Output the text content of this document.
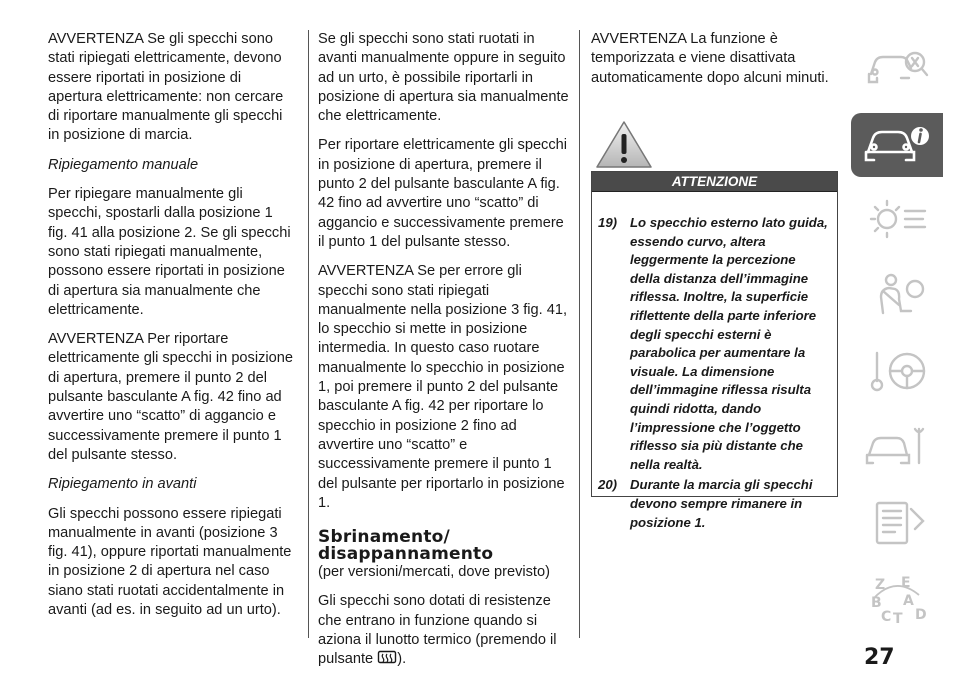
AVVERTENZA Se gli specchi sono stati ripiegati elettricamente, devono essere riportati in posizione di apertura elettricamente: non cercare di riportare manualmente gli specchi in posizione di marcia.

Ripiegamento manuale

Per ripiegare manualmente gli specchi, spostarli dalla posizione 1 fig. 41 alla posizione 2. Se gli specchi sono stati ripiegati manualmente, possono essere riportati in posizione di apertura sia manualmente che elettricamente.

AVVERTENZA Per riportare elettricamente gli specchi in posizione di apertura, premere il punto 2 del pulsante basculante A fig. 42 fino ad avvertire uno “scatto” di aggancio e successivamente premere il punto 1 del pulsante stesso.

Ripiegamento in avanti

Gli specchi possono essere ripiegati manualmente in avanti (posizione 3 fig. 41), oppure riportati manualmente in posizione 2 di apertura nel caso siano stati ruotati accidentalmente in avanti (ad es. in seguito ad un urto).

Se gli specchi sono stati ruotati in avanti manualmente oppure in seguito ad un urto, è possibile riportarli in posizione di apertura sia manualmente che elettricamente.

Per riportare elettricamente gli specchi in posizione di apertura, premere il punto 2 del pulsante basculante A fig. 42 fino ad avvertire uno “scatto” di aggancio e successivamente premere il punto 1 del pulsante stesso.

AVVERTENZA Se per errore gli specchi sono stati ripiegati manualmente nella posizione 3 fig. 41, lo specchio si mette in posizione intermedia. In questo caso ruotare manualmente lo specchio in posizione 1, poi premere il punto 2 del pulsante basculante A fig. 42 per riportare lo specchio in posizione 2 fino ad avvertire uno “scatto” e successivamente premere il punto 1 del pulsante per riportarlo in posizione 1.

Sbrinamento/
disappannamento

(per versioni/mercati, dove previsto)

Gli specchi sono dotati di resistenze che entrano in funzione quando si aziona il lunotto termico (premendo il pulsante ).

AVVERTENZA La funzione è temporizzata e viene disattivata automaticamente dopo alcuni minuti.

ATTENZIONE
19) Lo specchio esterno lato guida, essendo curvo, altera leggermente la percezione della distanza dell’immagine riflessa. Inoltre, la superficie riflettente della parte inferiore degli specchi esterni è parabolica per aumentare la visuale. La dimensione dell’immagine riflessa risulta quindi ridotta, dando l’impressione che l’oggetto riflesso sia più distante che nella realtà.
20) Durante la marcia gli specchi devono sempre rimanere in posizione 1.
Z E
B A
C T D
27
